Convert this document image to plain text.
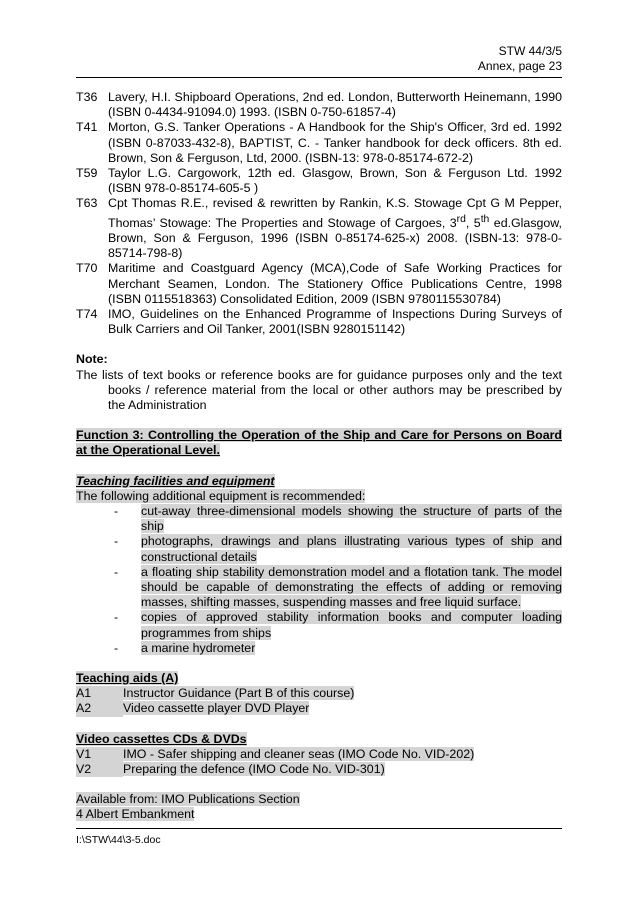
STW 44/3/5
Annex, page 23
T36 Lavery, H.I. Shipboard Operations, 2nd ed. London, Butterworth Heinemann, 1990 (ISBN 0-4434-91094.0) 1993. (ISBN 0-750-61857-4)
T41 Morton, G.S. Tanker Operations - A Handbook for the Ship's Officer, 3rd ed. 1992 (ISBN 0-87033-432-8), BAPTIST, C. - Tanker handbook for deck officers. 8th ed. Brown, Son & Ferguson, Ltd, 2000. (ISBN-13: 978-0-85174-672-2)
T59 Taylor L.G. Cargowork, 12th ed. Glasgow, Brown, Son & Ferguson Ltd. 1992 (ISBN 978-0-85174-605-5 )
T63 Cpt Thomas R.E., revised & rewritten by Rankin, K.S. Stowage Cpt G M Pepper, Thomas’ Stowage: The Properties and Stowage of Cargoes, 3rd, 5th ed.Glasgow, Brown, Son & Ferguson, 1996 (ISBN 0-85174-625-x) 2008. (ISBN-13: 978-0-85714-798-8)
T70 Maritime and Coastguard Agency (MCA),Code of Safe Working Practices for Merchant Seamen, London. The Stationery Office Publications Centre, 1998 (ISBN 0115518363) Consolidated Edition, 2009 (ISBN 9780115530784)
T74 IMO, Guidelines on the Enhanced Programme of Inspections During Surveys of Bulk Carriers and Oil Tanker, 2001(ISBN 9280151142)
Note:
The lists of text books or reference books are for guidance purposes only and the text books / reference material from the local or other authors may be prescribed by the Administration
Function 3: Controlling the Operation of the Ship and Care for Persons on Board at the Operational Level.
Teaching facilities and equipment
The following additional equipment is recommended:
-	cut-away three-dimensional models showing the structure of parts of the ship
-	photographs, drawings and plans illustrating various types of ship and constructional details
-	a floating ship stability demonstration model and a flotation tank. The model should be capable of demonstrating the effects of adding or removing masses, shifting masses, suspending masses and free liquid surface.
-	copies of approved stability information books and computer loading programmes from ships
-	a marine hydrometer
Teaching aids (A)
A1	Instructor Guidance (Part B of this course)
A2	Video cassette player DVD Player
Video cassettes CDs & DVDs
V1	IMO - Safer shipping and cleaner seas (IMO Code No. VID-202)
V2	Preparing the defence (IMO Code No. VID-301)
Available from: IMO Publications Section
4 Albert Embankment
I:\STW\44\3-5.doc
